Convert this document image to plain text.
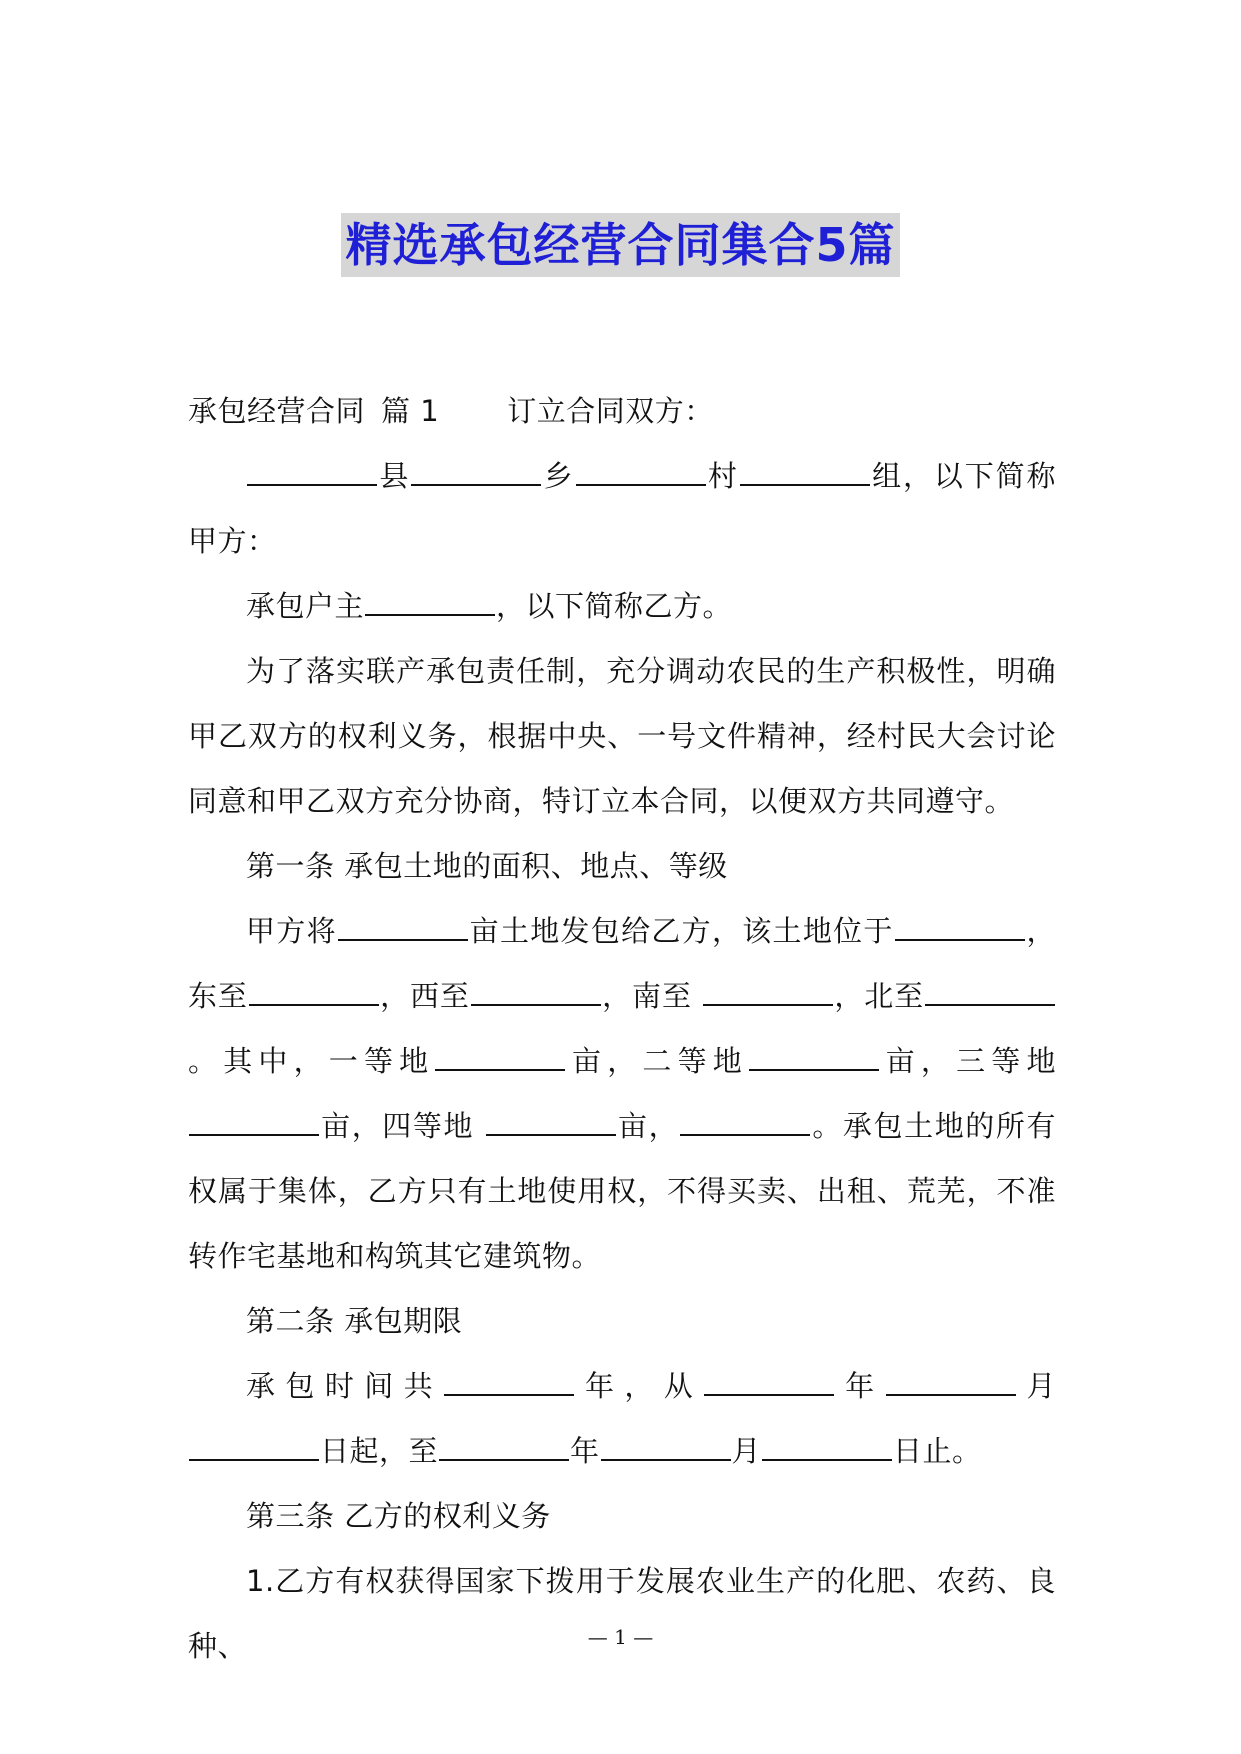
精选承包经营合同集合5篇

承包经营合同 篇 1 订立合同双方：

县	乡	村	组，以下简称甲方：

承包户主	，以下简称乙方。

为了落实联产承包责任制，充分调动农民的生产积极性，明确甲乙双方的权利义务，根据中央、一号文件精神，经村民大会讨论同意和甲乙双方充分协商，特订立本合同，以便双方共同遵守。

第一条 承包土地的面积、地点、等级

甲方将	亩土地发包给乙方，该土地位于	，东至	，西至	，南至	，北至。其中，一等地	亩，二等地	亩，三等地亩，四等地	亩，	。承包土地的所有权属于集体，乙方只有土地使用权，不得买卖、出租、荒芜，不准转作宅基地和构筑其它建筑物。

第二条 承包期限

承包时间共	年，从	年	月日起，至	年	月	日止。

第三条 乙方的权利义务

1.乙方有权获得国家下拨用于发展农业生产的化肥、农药、良种、	— 1 —
